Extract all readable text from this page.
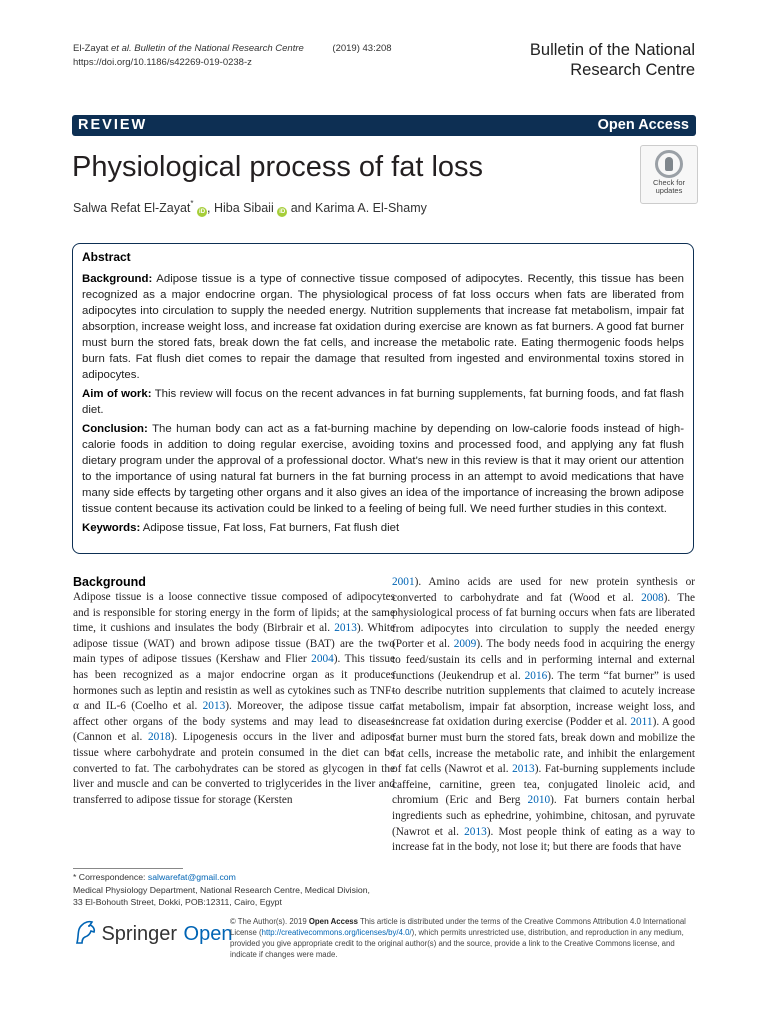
El-Zayat et al. Bulletin of the National Research Centre	(2019) 43:208
https://doi.org/10.1186/s42269-019-0238-z
Bulletin of the National
Research Centre
REVIEW	Open Access
Physiological process of fat loss
Salwa Refat El-Zayat* iD , Hiba Sibaii iD and Karima A. El-Shamy
Check for
updates
Abstract

Background: Adipose tissue is a type of connective tissue composed of adipocytes. Recently, this tissue has been recognized as a major endocrine organ. The physiological process of fat loss occurs when fats are liberated from adipocytes into circulation to supply the needed energy. Nutrition supplements that increase fat metabolism, impair fat absorption, increase weight loss, and increase fat oxidation during exercise are known as fat burners. A good fat burner must burn the stored fats, break down the fat cells, and increase the metabolic rate. Eating thermogenic foods helps burn fats. Fat flush diet comes to repair the damage that resulted from ingested and environmental toxins stored in adipocytes.

Aim of work: This review will focus on the recent advances in fat burning supplements, fat burning foods, and fat flash diet.

Conclusion: The human body can act as a fat-burning machine by depending on low-calorie foods instead of high-calorie foods in addition to doing regular exercise, avoiding toxins and processed food, and applying any fat flush dietary program under the approval of a professional doctor. What's new in this review is that it may orient our attention to the importance of using natural fat burners in the fat burning process in an attempt to avoid medications that have many side effects by targeting other organs and it also gives an idea of the importance of increasing the brown adipose tissue content because its activation could be linked to a feeling of being full. We need further studies in this context.

Keywords: Adipose tissue, Fat loss, Fat burners, Fat flush diet

Background

Adipose tissue is a loose connective tissue composed of adipocytes and is responsible for storing energy in the form of lipids; at the same time, it cushions and insulates the body (Birbrair et al. 2013). White adipose tissue (WAT) and brown adipose tissue (BAT) are the two main types of adipose tissues (Kershaw and Flier 2004). This tissue has been recognized as a major endocrine organ as it produces hormones such as leptin and resistin as well as cytokines such as TNF-α and IL-6 (Coelho et al. 2013). Moreover, the adipose tissue can affect other organs of the body systems and may lead to diseases (Cannon et al. 2018). Lipogenesis occurs in the liver and adipose tissue where carbohydrate and protein consumed in the diet can be converted to fat. The carbohydrates can be stored as glycogen in the liver and muscle and can be converted to triglycerides in the liver and transferred to adipose tissue for storage (Kersten

2001). Amino acids are used for new protein synthesis or converted to carbohydrate and fat (Wood et al. 2008). The physiological process of fat burning occurs when fats are liberated from adipocytes into circulation to supply the needed energy (Porter et al. 2009). The body needs food in acquiring the energy to feed/sustain its cells and in performing internal and external functions (Jeukendrup et al. 2016). The term “fat burner” is used to describe nutrition supplements that claimed to acutely increase fat metabolism, impair fat absorption, increase weight loss, and increase fat oxidation during exercise (Podder et al. 2011). A good fat burner must burn the stored fats, break down and mobilize the fat cells, increase the metabolic rate, and inhibit the enlargement of fat cells (Nawrot et al. 2013). Fat-burning supplements include caffeine, carnitine, green tea, conjugated linoleic acid, and chromium (Eric and Berg 2010). Fat burners contain herbal ingredients such as ephedrine, yohimbine, chitosan, and pyruvate (Nawrot et al. 2013). Most people think of eating as a way to increase fat in the body, not lose it; but there are foods that have

* Correspondence: salwarefat@gmail.com
Medical Physiology Department, National Research Centre, Medical Division,
33 El-Bohouth Street, Dokki, POB:12311, Cairo, Egypt
Springer Open
© The Author(s). 2019 Open Access This article is distributed under the terms of the Creative Commons Attribution 4.0 International License (http://creativecommons.org/licenses/by/4.0/), which permits unrestricted use, distribution, and reproduction in any medium, provided you give appropriate credit to the original author(s) and the source, provide a link to the Creative Commons license, and indicate if changes were made.
